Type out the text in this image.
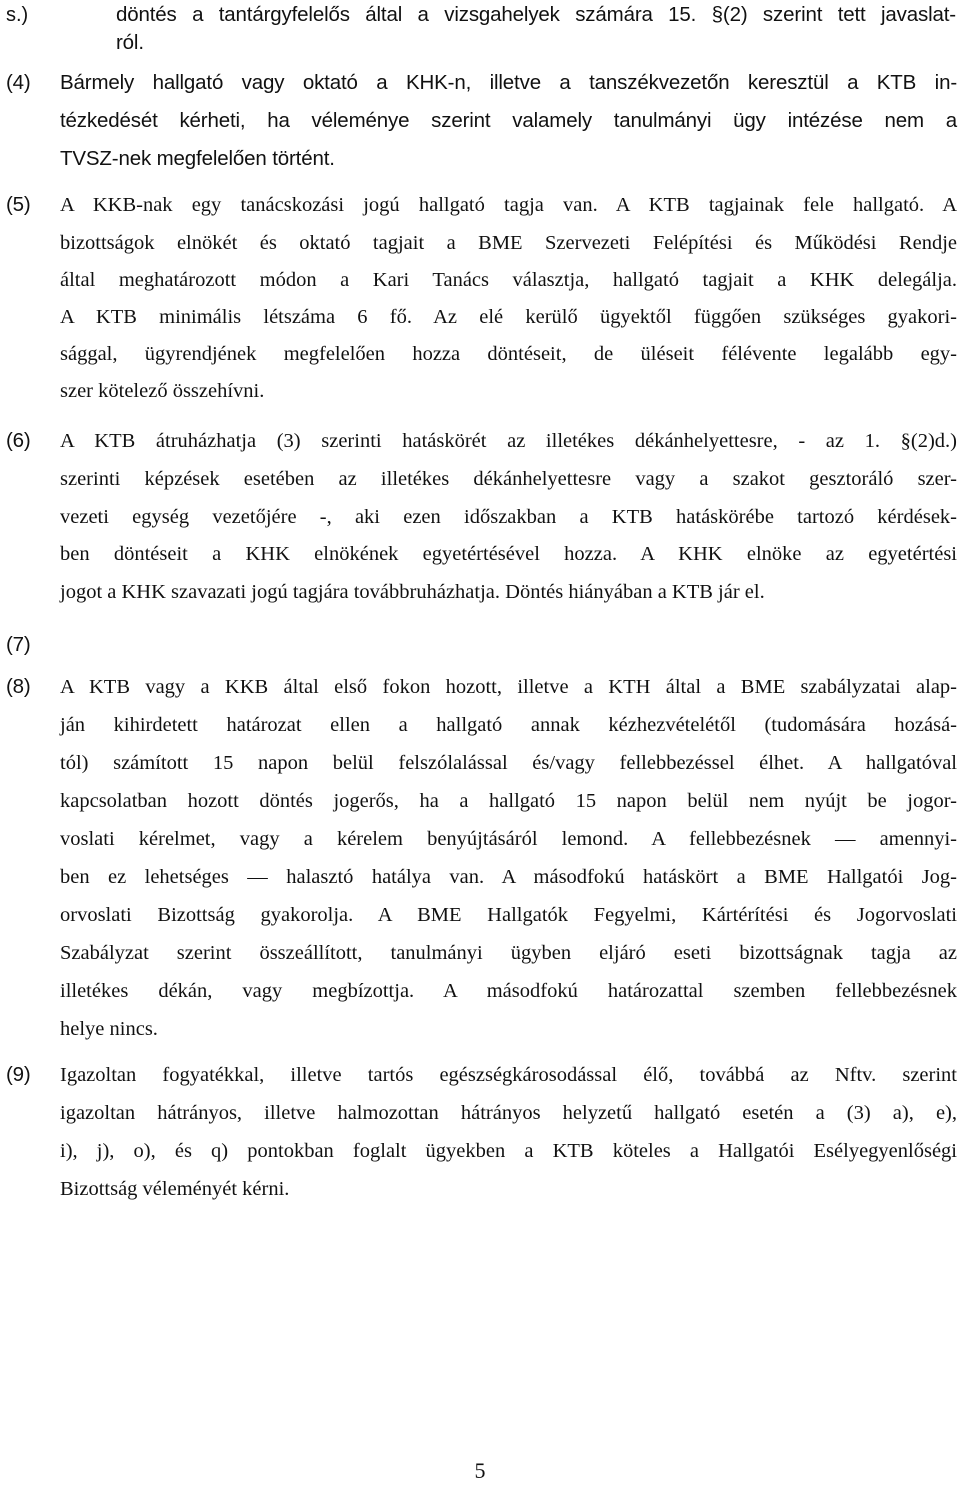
s.)	döntés a tantárgyfelelős által a vizsgahelyek számára 15. §(2) szerint tett javaslat-
ról.
(4) Bármely hallgató vagy oktató a KHK-n, illetve a tanszékvezetőn keresztül a KTB in-
tézkedését kérheti, ha véleménye szerint valamely tanulmányi ügy intézése nem a
TVSZ-nek megfelelően történt.
(5) A KKB-nak egy tanácskozási jogú hallgató tagja van. A KTB tagjainak fele hallgató. A
bizottságok elnökét és oktató tagjait a BME Szervezeti Felépítési és Működési Rendje
által meghatározott módon a Kari Tanács választja, hallgató tagjait a KHK delegálja.
A KTB minimális létszáma 6 fő. Az elé kerülő ügyektől függően szükséges gyakori-
sággal, ügyrendjének megfelelően hozza döntéseit, de üléseit félévente legalább egy-
szer kötelező összehívni.
(6) A KTB átruházhatja (3) szerinti hatáskörét az illetékes dékánhelyettesre, - az 1. §(2)d.)
szerinti képzések esetében az illetékes dékánhelyettesre vagy a szakot gesztoráló szer-
vezeti egység vezetőjére -, aki ezen időszakban a KTB hatáskörébe tartozó kérdések-
ben döntéseit a KHK elnökének egyetértésével hozza. A KHK elnöke az egyetértési
jogot a KHK szavazati jogú tagjára továbbruházhatja. Döntés hiányában a KTB jár el.
(7)
(8) A KTB vagy a KKB által első fokon hozott, illetve a KTH által a BME szabályzatai alap-
ján kihirdetett határozat ellen a hallgató annak kézhezvételétől (tudomására hozásá-
tól) számított 15 napon belül felszólalással és/vagy fellebbezéssel élhet. A hallgatóval
kapcsolatban hozott döntés jogerős, ha a hallgató 15 napon belül nem nyújt be jogor-
voslati kérelmet, vagy a kérelem benyújtásáról lemond. A fellebbezésnek — amennyi-
ben ez lehetséges — halasztó hatálya van. A másodfokú hatáskört a BME Hallgatói Jog-
orvoslati Bizottság gyakorolja. A BME Hallgatók Fegyelmi, Kártérítési és Jogorvoslati
Szabályzat szerint összeállított, tanulmányi ügyben eljáró eseti bizottságnak tagja az
illetékes dékán, vagy megbízottja. A másodfokú határozattal szemben fellebbezésnek
helye nincs.
(9) Igazoltan fogyatékkal, illetve tartós egészségkárosodással élő, továbbá az Nftv. szerint
igazoltan hátrányos, illetve halmozottan hátrányos helyzetű hallgató esetén a (3) a), e),
i), j), o), és q) pontokban foglalt ügyekben a KTB köteles a Hallgatói Esélyegyenlőségi
Bizottság véleményét kérni.
5
